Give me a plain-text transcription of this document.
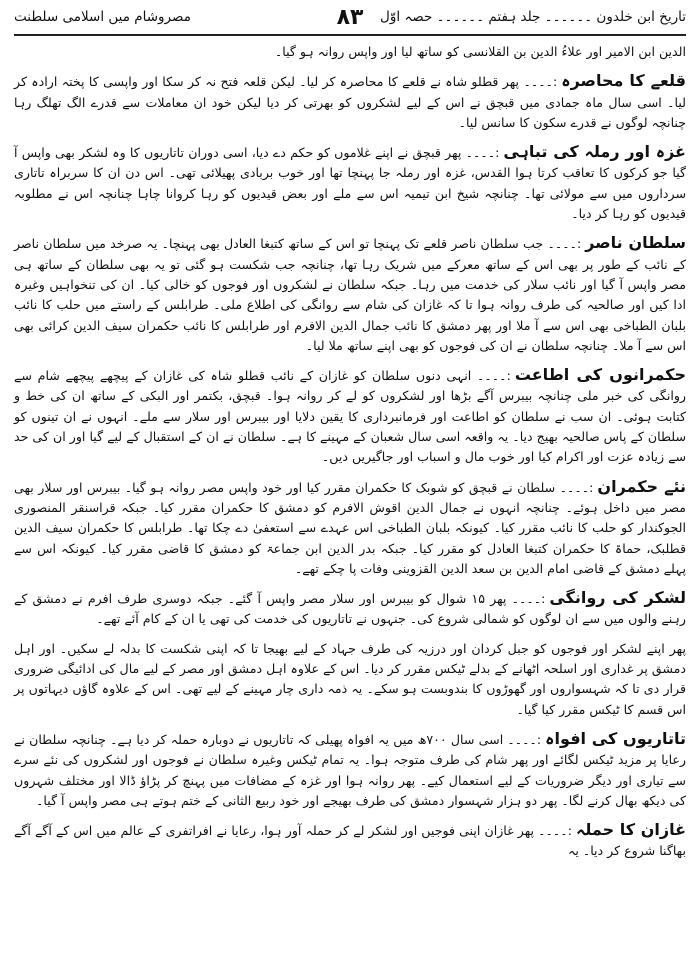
تاریخ ابن خلدون ۔۔۔۔۔۔ جلد ہفتم ۔۔۔۔۔۔ حصہ اوّل
۸۳
مصروشام میں اسلامی سلطنت

الدین ابن الامیر اور علاءُ الدین بن القلانسی کو ساتھ لیا اور واپس روانہ ہو گیا۔

قلعے کا محاصرہ:۔۔۔۔ پھر قطلو شاہ نے قلعے کا محاصرہ کر لیا۔ لیکن قلعہ فتح نہ کر سکا اور واپسی کا پختہ ارادہ کر لیا۔ اسی سال ماہ جمادی میں قبچق نے اس کے لیے لشکروں کو بھرتی کر دیا لیکن خود ان معاملات سے قدرے الگ تھلگ رہا چنانچہ لوگوں نے قدرے سکون کا سانس لیا۔

غزہ اور رملہ کی تباہی:۔۔۔۔ پھر قبچق نے اپنے غلاموں کو حکم دے دیا، اسی دوران تاتاریوں کا وہ لشکر بھی واپس آ گیا جو کرکوں کا تعاقب کرتا ہوا القدس، غزہ اور رملہ جا پہنچا تھا اور خوب بربادی پھیلائی تھی۔ اس دن ان کا سربراہ تاتاری سرداروں میں سے مولائی تھا۔ چنانچہ شیخ ابن تیمیہ اس سے ملے اور بعض قیدیوں کو رہا کروانا چاہا چنانچہ اس نے مطلوبہ قیدیوں کو رہا کر دیا۔

سلطان ناصر:۔۔۔۔ جب سلطان ناصر قلعے تک پہنچا تو اس کے ساتھ کتبغا العادل بھی پہنچا۔ یہ صرخد میں سلطان ناصر کے نائب کے طور پر بھی اس کے ساتھ معرکے میں شریک رہا تھا، چنانچہ جب شکست ہو گئی تو یہ بھی سلطان کے ساتھ ہی مصر واپس آ گیا اور نائب سلار کی خدمت میں رہا۔ جبکہ سلطان نے لشکروں اور فوجوں کو خالی کیا۔ ان کی تنخواہیں وغیرہ ادا کیں اور صالحیہ کی طرف روانہ ہوا تا کہ غازان کی شام سے روانگی کی اطلاع ملی۔ طرابلس کے راستے میں حلب کا نائب بلبان الطباخی بھی اس سے آ ملا اور پھر دمشق کا نائب جمال الدین الافرم اور طرابلس کا نائب حکمران سیف الدین کرائی بھی اس سے آ ملا۔ چنانچہ سلطان نے ان کی فوجوں کو بھی اپنے ساتھ ملا لیا۔

حکمرانوں کی اطاعت:۔۔۔۔ انہی دنوں سلطان کو غازان کے نائب قطلو شاہ کی غازان کے پیچھے پیچھے شام سے روانگی کی خبر ملی چنانچہ بیبرس آگے بڑھا اور لشکروں کو لے کر روانہ ہوا۔ قبچق، بکتمر اور البکی کے ساتھ ان کی خط و کتابت ہوئی۔ ان سب نے سلطان کو اطاعت اور فرمانبرداری کا یقین دلایا اور بیبرس اور سلار سے ملے۔ انہوں نے ان تینوں کو سلطان کے پاس صالحیہ بھیج دیا۔ یہ واقعہ اسی سال شعبان کے مہینے کا ہے۔ سلطان نے ان کے استقبال کے لیے گیا اور ان کی حد سے زیادہ عزت اور اکرام کیا اور خوب مال و اسباب اور جاگیریں دیں۔

نئے حکمران:۔۔۔۔ سلطان نے قبچق کو شوبک کا حکمران مقرر کیا اور خود واپس مصر روانہ ہو گیا۔ بیبرس اور سلار بھی مصر میں داخل ہوئے۔ چنانچہ انہوں نے جمال الدین اقوش الافرم کو دمشق کا حکمران مقرر کیا۔ جبکہ قراسنقر المنصوری الجوکندار کو حلب کا نائب مقرر کیا۔ کیونکہ بلبان الطباخی اس عہدے سے استعفیٰ دے چکا تھا۔ طرابلس کا حکمران سیف الدین قطلبک، حماۃ کا حکمران کتبغا العادل کو مقرر کیا۔ جبکہ بدر الدین ابن جماعۃ کو دمشق کا قاضی مقرر کیا۔ کیونکہ اس سے پہلے دمشق کے قاضی امام الدین بن سعد الدین القزوینی وفات پا چکے تھے۔

لشکر کی روانگی:۔۔۔۔ پھر ۱۵ شوال کو بیبرس اور سلار مصر واپس آ گئے۔ جبکہ دوسری طرف افرم نے دمشق کے رہنے والوں میں سے ان لوگوں کو شمالی شروع کی۔ جنہوں نے تاتاریوں کی خدمت کی تھی یا ان کے کام آئے تھے۔

پھر اپنے لشکر اور فوجوں کو جبل کردان اور درزیہ کی طرف جہاد کے لیے بھیجا تا کہ اپنی شکست کا بدلہ لے سکیں۔ اور اہل دمشق پر غداری اور اسلحہ اٹھانے کے بدلے ٹیکس مقرر کر دیا۔ اس کے علاوہ اہل دمشق اور مصر کے لیے مال کی ادائیگی ضروری قرار دی تا کہ شہسواروں اور گھوڑوں کا بندوبست ہو سکے۔ یہ ذمہ داری چار مہینے کے لیے تھی۔ اس کے علاوہ گاؤں دیہاتوں پر اس قسم کا ٹیکس مقرر کیا گیا۔

تاتاریوں کی افواہ:۔۔۔۔ اسی سال ۷۰۰ھ میں یہ افواہ پھیلی کہ تاتاریوں نے دوبارہ حملہ کر دیا ہے۔ چنانچہ سلطان نے رعایا پر مزید ٹیکس لگائے اور پھر شام کی طرف متوجہ ہوا۔ یہ تمام ٹیکس وغیرہ سلطان نے فوجوں اور لشکروں کی نئے سرے سے تیاری اور دیگر ضروریات کے لیے استعمال کیے۔ پھر روانہ ہوا اور غزہ کے مضافات میں پہنچ کر پڑاؤ ڈالا اور مختلف شہروں کی دیکھ بھال کرنے لگا۔ پھر دو ہزار شہسوار دمشق کی طرف بھیجے اور خود ربیع الثانی کے ختم ہوتے ہی مصر واپس آ گیا۔

غازان کا حملہ:۔۔۔۔ پھر غازان اپنی فوجیں اور لشکر لے کر حملہ آور ہوا، رعایا نے افراتفری کے عالم میں اس کے آگے آگے بھاگنا شروع کر دیا۔ یہ
